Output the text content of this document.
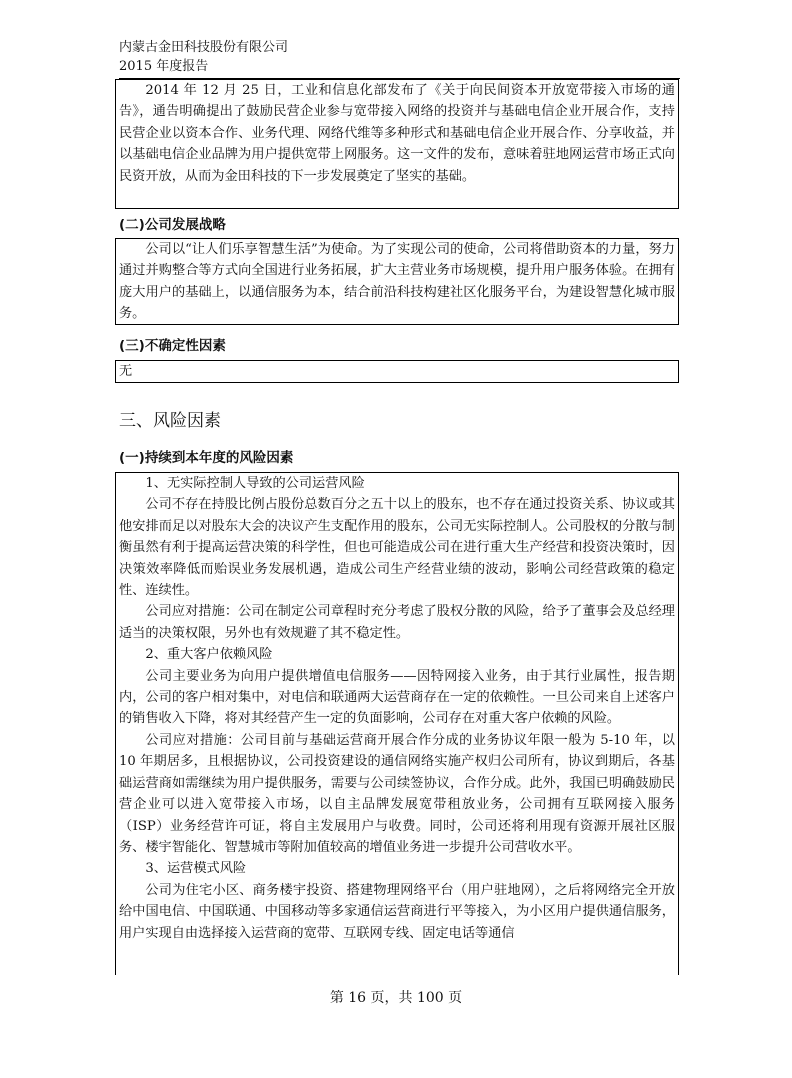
内蒙古金田科技股份有限公司
2015 年度报告

2014 年 12 月 25 日，工业和信息化部发布了《关于向民间资本开放宽带接入市场的通告》，通告明确提出了鼓励民营企业参与宽带接入网络的投资并与基础电信企业开展合作，支持民营企业以资本合作、业务代理、网络代维等多种形式和基础电信企业开展合作、分享收益，并以基础电信企业品牌为用户提供宽带上网服务。这一文件的发布，意味着驻地网运营市场正式向民资开放，从而为金田科技的下一步发展奠定了坚实的基础。

(二)公司发展战略

公司以“让人们乐享智慧生活”为使命。为了实现公司的使命，公司将借助资本的力量，努力通过并购整合等方式向全国进行业务拓展，扩大主营业务市场规模，提升用户服务体验。在拥有庞大用户的基础上，以通信服务为本，结合前沿科技构建社区化服务平台，为建设智慧化城市服务。

(三)不确定性因素

无

三、风险因素
(一)持续到本年度的风险因素

1、无实际控制人导致的公司运营风险

公司不存在持股比例占股份总数百分之五十以上的股东，也不存在通过投资关系、协议或其他安排而足以对股东大会的决议产生支配作用的股东，公司无实际控制人。公司股权的分散与制衡虽然有利于提高运营决策的科学性，但也可能造成公司在进行重大生产经营和投资决策时，因决策效率降低而贻误业务发展机遇，造成公司生产经营业绩的波动，影响公司经营政策的稳定性、连续性。

公司应对措施：公司在制定公司章程时充分考虑了股权分散的风险，给予了董事会及总经理适当的决策权限，另外也有效规避了其不稳定性。

2、重大客户依赖风险

公司主要业务为向用户提供增值电信服务——因特网接入业务，由于其行业属性，报告期内，公司的客户相对集中，对电信和联通两大运营商存在一定的依赖性。一旦公司来自上述客户的销售收入下降，将对其经营产生一定的负面影响，公司存在对重大客户依赖的风险。

公司应对措施：公司目前与基础运营商开展合作分成的业务协议年限一般为 5-10 年，以 10 年期居多，且根据协议，公司投资建设的通信网络实施产权归公司所有，协议到期后，各基础运营商如需继续为用户提供服务，需要与公司续签协议，合作分成。此外，我国已明确鼓励民营企业可以进入宽带接入市场，以自主品牌发展宽带租放业务，公司拥有互联网接入服务（ISP）业务经营许可证，将自主发展用户与收费。同时，公司还将利用现有资源开展社区服务、楼宇智能化、智慧城市等附加值较高的增值业务进一步提升公司营收水平。

3、运营模式风险

公司为住宅小区、商务楼宇投资、搭建物理网络平台（用户驻地网），之后将网络完全开放给中国电信、中国联通、中国移动等多家通信运营商进行平等接入，为小区用户提供通信服务，用户实现自由选择接入运营商的宽带、互联网专线、固定电话等通信

第 16 页，共 100 页
